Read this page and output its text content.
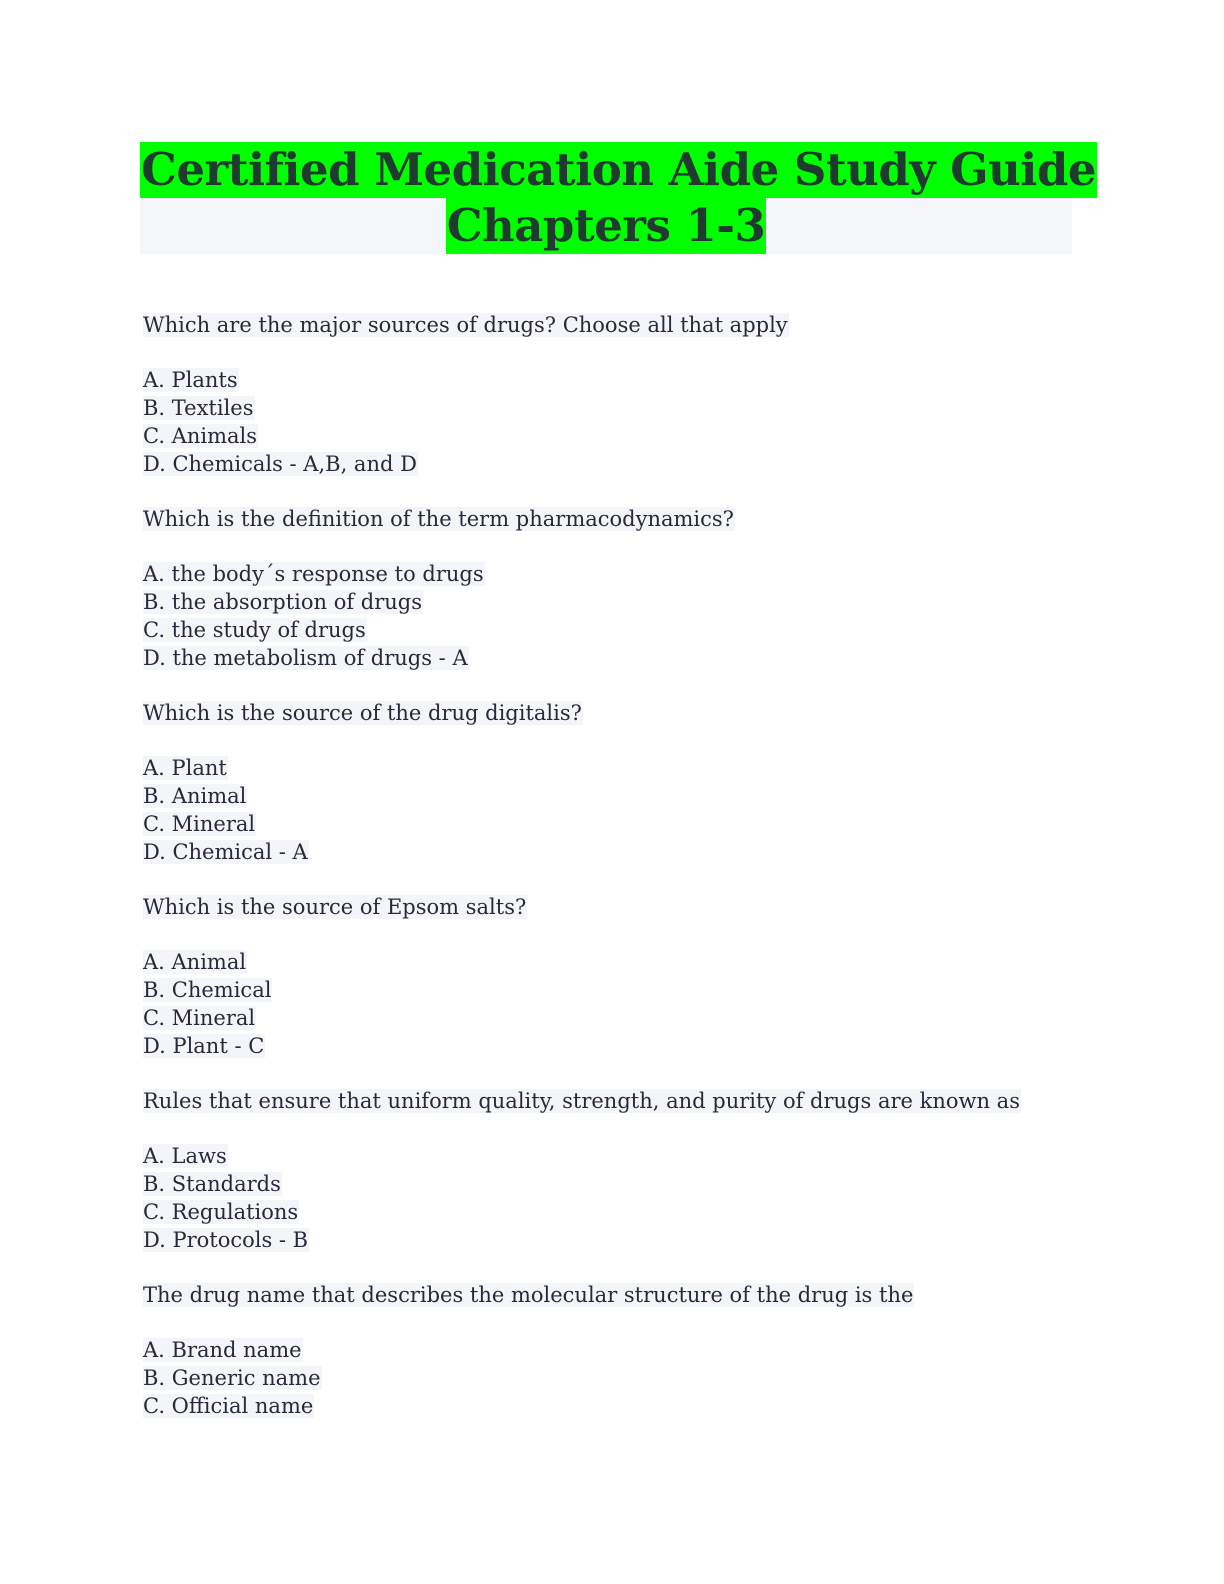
Certified Medication Aide Study Guide
Chapters 1-3
Which are the major sources of drugs? Choose all that apply
A. Plants
B. Textiles
C. Animals
D. Chemicals - A,B, and D
Which is the definition of the term pharmacodynamics?
A. the body´s response to drugs
B. the absorption of drugs
C. the study of drugs
D. the metabolism of drugs - A
Which is the source of the drug digitalis?
A. Plant
B. Animal
C. Mineral
D. Chemical - A
Which is the source of Epsom salts?
A. Animal
B. Chemical
C. Mineral
D. Plant - C
Rules that ensure that uniform quality, strength, and purity of drugs are known as
A. Laws
B. Standards
C. Regulations
D. Protocols - B
The drug name that describes the molecular structure of the drug is the
A. Brand name
B. Generic name
C. Official name
